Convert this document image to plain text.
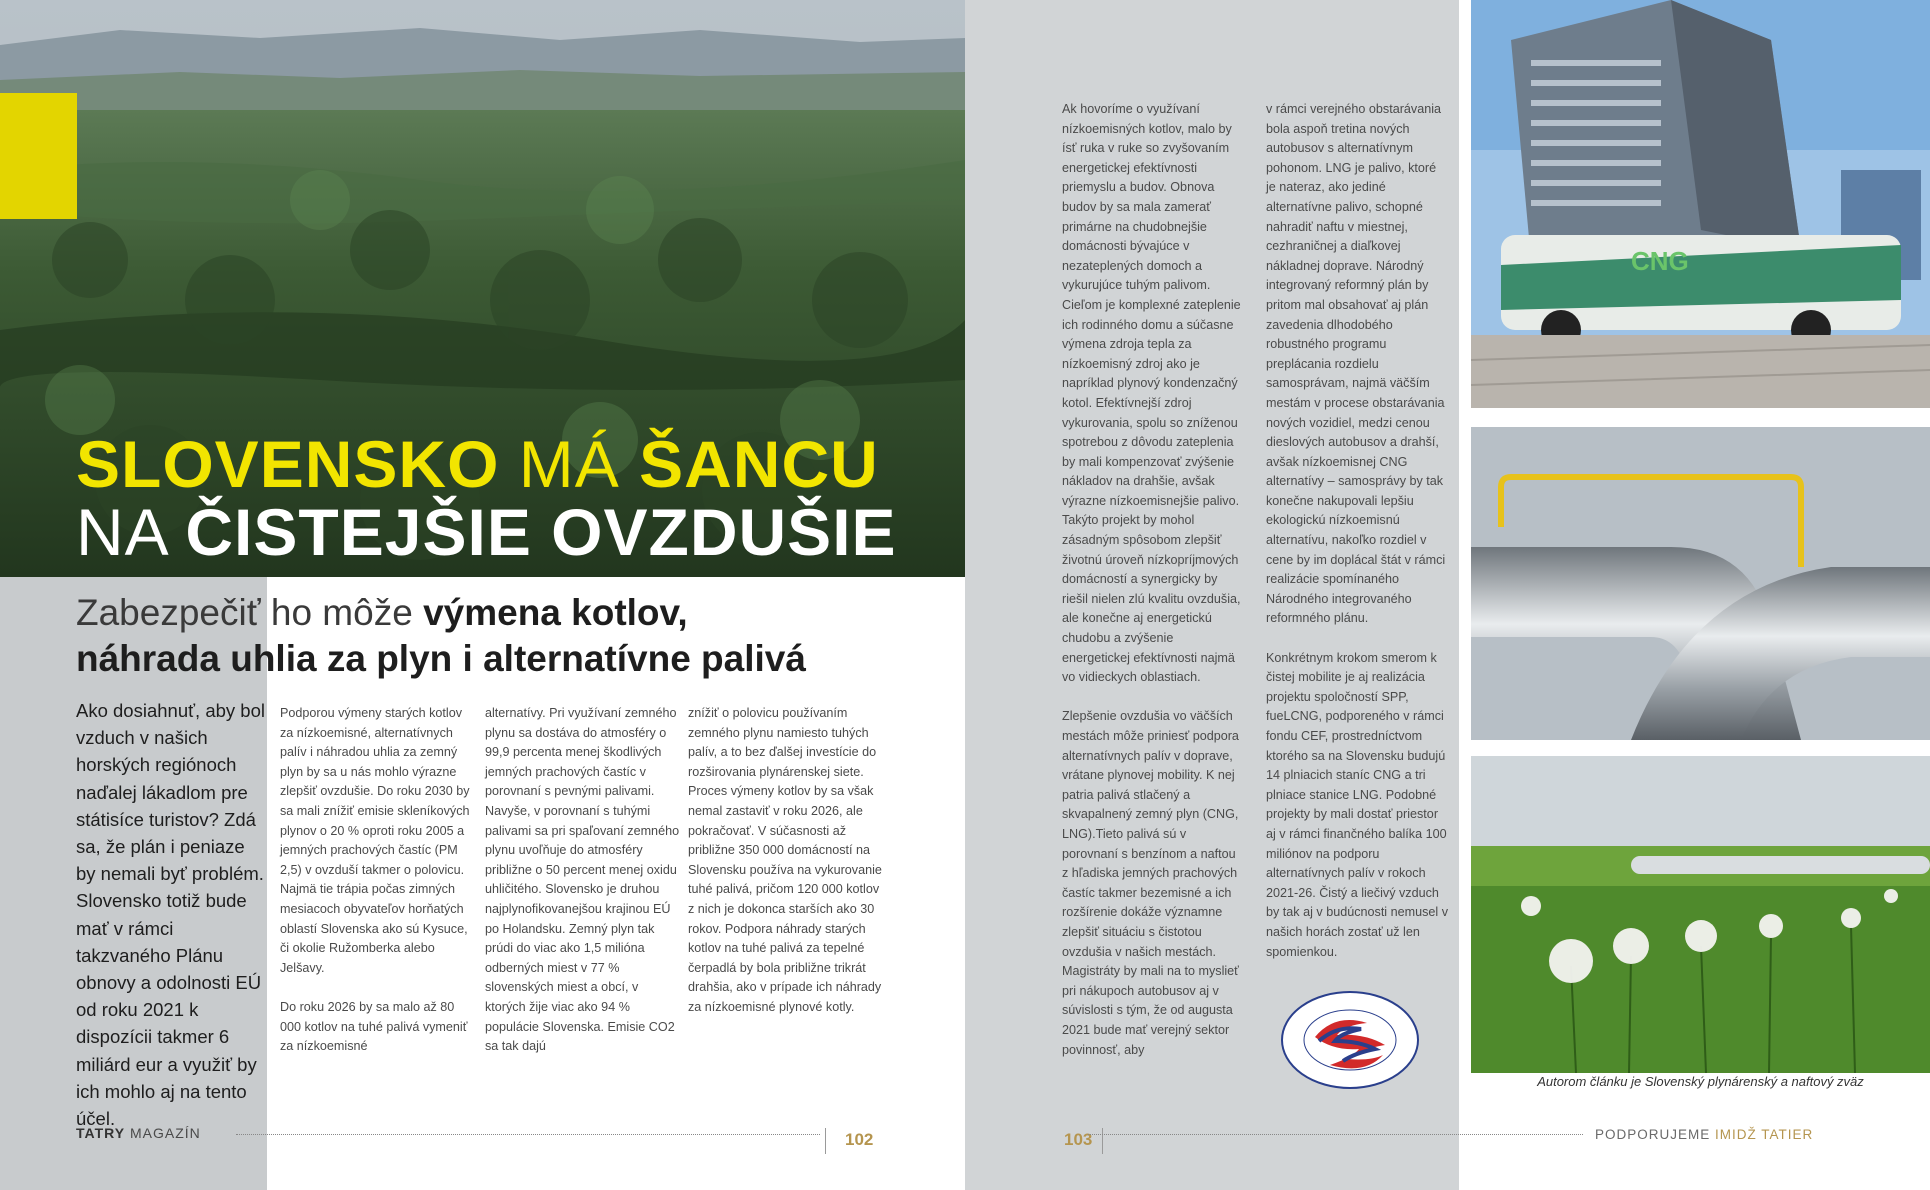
SLOVENSKO MÁ ŠANCU
NA ČISTEJŠIE OVZDUŠIE
Zabezpečiť ho môže výmena kotlov,
náhrada uhlia za plyn i alternatívne palivá
Ako dosiahnuť, aby bol vzduch v našich horských regiónoch naďalej lákadlom pre státisíce turistov? Zdá sa, že plán i peniaze by nemali byť problém. Slovensko totiž bude mať v rámci takzvaného Plánu obnovy a odolnosti EÚ od roku 2021 k dispozícii takmer 6 miliárd eur a využiť by ich mohlo aj na tento účel.

Podporou výmeny starých kotlov za nízkoemisné, alternatívnych palív i náhradou uhlia za zemný plyn by sa u nás mohlo výrazne zlepšiť ovzdušie. Do roku 2030 by sa mali znížiť emisie skleníkových plynov o 20 % oproti roku 2005 a jemných prachových častíc (PM 2,5) v ovzduší takmer o polovicu. Najmä tie trápia počas zimných mesiacoch obyvateľov horňatých oblastí Slovenska ako sú Kysuce, či okolie Ružomberka alebo Jelšavy.

Do roku 2026 by sa malo až 80 000 kotlov na tuhé palivá vymeniť za nízkoemisné

alternatívy. Pri využívaní zemného plynu sa dostáva do atmosféry o 99,9 percenta menej škodlivých jemných prachových častíc v porovnaní s pevnými palivami. Navyše, v porovnaní s tuhými palivami sa pri spaľovaní zemného plynu uvoľňuje do atmosféry približne o 50 percent menej oxidu uhličitého. Slovensko je druhou najplynofikovanejšou krajinou EÚ po Holandsku. Zemný plyn tak prúdi do viac ako 1,5 milióna odberných miest v 77 % slovenských miest a obcí, v ktorých žije viac ako 94 % populácie Slovenska. Emisie CO2 sa tak dajú

znížiť o polovicu používaním zemného plynu namiesto tuhých palív, a to bez ďalšej investície do rozširovania plynárenskej siete. Proces výmeny kotlov by sa však nemal zastaviť v roku 2026, ale pokračovať. V súčasnosti až približne 350 000 domácností na Slovensku používa na vykurovanie tuhé palivá, pričom 120 000 kotlov z nich je dokonca starších ako 30 rokov. Podpora náhrady starých kotlov na tuhé palivá za tepelné čerpadlá by bola približne trikrát drahšia, ako v prípade ich náhrady za nízkoemisné plynové kotly.

Ak hovoríme o využívaní nízkoemisných kotlov, malo by ísť ruka v ruke so zvyšovaním energetickej efektívnosti priemyslu a budov. Obnova budov by sa mala zamerať primárne na chudobnejšie domácnosti bývajúce v nezateplených domoch a vykurujúce tuhým palivom. Cieľom je komplexné zateplenie ich rodinného domu a súčasne výmena zdroja tepla za nízkoemisný zdroj ako je napríklad plynový kondenzačný kotol. Efektívnejší zdroj vykurovania, spolu so zníženou spotrebou z dôvodu zateplenia by mali kompenzovať zvýšenie nákladov na drahšie, avšak výrazne nízkoemisnejšie palivo. Takýto projekt by mohol zásadným spôsobom zlepšiť životnú úroveň nízkopríjmových domácností a synergicky by riešil nielen zlú kvalitu ovzdušia, ale konečne aj energetickú chudobu a zvýšenie energetickej efektívnosti najmä vo vidieckych oblastiach.

Zlepšenie ovzdušia vo väčších mestách môže priniesť podpora alternatívnych palív v doprave, vrátane plynovej mobility. K nej patria palivá stlačený a skvapalnený zemný plyn (CNG, LNG).Tieto palivá sú v porovnaní s benzínom a naftou z hľadiska jemných prachových častíc takmer bezemisné a ich rozšírenie dokáže významne zlepšiť situáciu s čistotou ovzdušia v našich mestách. Magistráty by mali na to myslieť pri nákupoch autobusov aj v súvislosti s tým, že od augusta 2021 bude mať verejný sektor povinnosť, aby

v rámci verejného obstarávania bola aspoň tretina nových autobusov s alternatívnym pohonom. LNG je palivo, ktoré je nateraz, ako jediné alternatívne palivo, schopné nahradiť naftu v miestnej, cezhraničnej a diaľkovej nákladnej doprave. Národný integrovaný reformný plán by pritom mal obsahovať aj plán zavedenia dlhodobého robustného programu preplácania rozdielu samosprávam, najmä väčším mestám v procese obstarávania nových vozidiel, medzi cenou dieslových autobusov a drahší, avšak nízkoemisnej CNG alternatívy – samosprávy by tak konečne nakupovali lepšiu ekologickú nízkoemisnú alternatívu, nakoľko rozdiel v cene by im doplácal štát v rámci realizácie spomínaného Národného integrovaného reformného plánu.

Konkrétnym krokom smerom k čistej mobilite je aj realizácia projektu spoločností SPP, fueLCNG, podporeného v rámci fondu CEF, prostredníctvom ktorého sa na Slovensku budujú 14 plniacich staníc CNG a tri plniace stanice LNG. Podobné projekty by mali dostať priestor aj v rámci finančného balíka 100 miliónov na podporu alternatívnych palív v rokoch 2021-26. Čistý a liečivý vzduch by tak aj v budúcnosti nemusel v našich horách zostať už len spomienkou.

CNG
Autorom článku je Slovenský plynárenský a naftový zväz
TATRY MAGAZÍN	102	103	PODPORUJEME IMIDŽ TATIER
